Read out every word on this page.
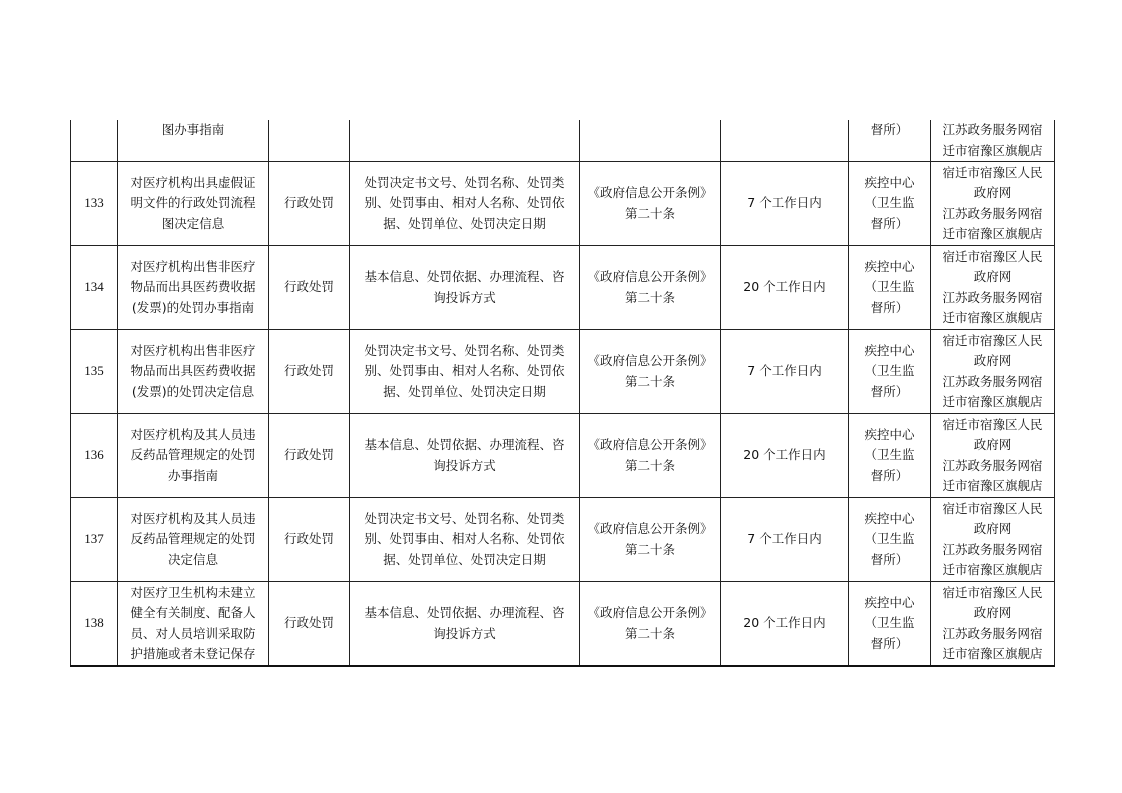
	图办事指南					督所）	江苏政务服务网宿
迁市宿豫区旗舰店

133	对医疗机构出具虚假证
明文件的行政处罚流程
图决定信息	行政处罚	处罚决定书文号、处罚名称、处罚类
别、处罚事由、相对人名称、处罚依
据、处罚单位、处罚决定日期	《政府信息公开条例》
第二十条	7 个工作日内	疾控中心
（卫生监
督所）	宿迁市宿豫区人民
政府网
江苏政务服务网宿
迁市宿豫区旗舰店

134	对医疗机构出售非医疗
物品而出具医药费收据
(发票)的处罚办事指南	行政处罚	基本信息、处罚依据、办理流程、咨
询投诉方式	《政府信息公开条例》
第二十条	20 个工作日内	疾控中心
（卫生监
督所）	宿迁市宿豫区人民
政府网
江苏政务服务网宿
迁市宿豫区旗舰店

135	对医疗机构出售非医疗
物品而出具医药费收据
(发票)的处罚决定信息	行政处罚	处罚决定书文号、处罚名称、处罚类
别、处罚事由、相对人名称、处罚依
据、处罚单位、处罚决定日期	《政府信息公开条例》
第二十条	7 个工作日内	疾控中心
（卫生监
督所）	宿迁市宿豫区人民
政府网
江苏政务服务网宿
迁市宿豫区旗舰店

136	对医疗机构及其人员违
反药品管理规定的处罚
办事指南	行政处罚	基本信息、处罚依据、办理流程、咨
询投诉方式	《政府信息公开条例》
第二十条	20 个工作日内	疾控中心
（卫生监
督所）	宿迁市宿豫区人民
政府网
江苏政务服务网宿
迁市宿豫区旗舰店

137	对医疗机构及其人员违
反药品管理规定的处罚
决定信息	行政处罚	处罚决定书文号、处罚名称、处罚类
别、处罚事由、相对人名称、处罚依
据、处罚单位、处罚决定日期	《政府信息公开条例》
第二十条	7 个工作日内	疾控中心
（卫生监
督所）	宿迁市宿豫区人民
政府网
江苏政务服务网宿
迁市宿豫区旗舰店

138	对医疗卫生机构未建立
健全有关制度、配备人
员、对人员培训采取防
护措施或者未登记保存	行政处罚	基本信息、处罚依据、办理流程、咨
询投诉方式	《政府信息公开条例》
第二十条	20 个工作日内	疾控中心
（卫生监
督所）	宿迁市宿豫区人民
政府网
江苏政务服务网宿
迁市宿豫区旗舰店
